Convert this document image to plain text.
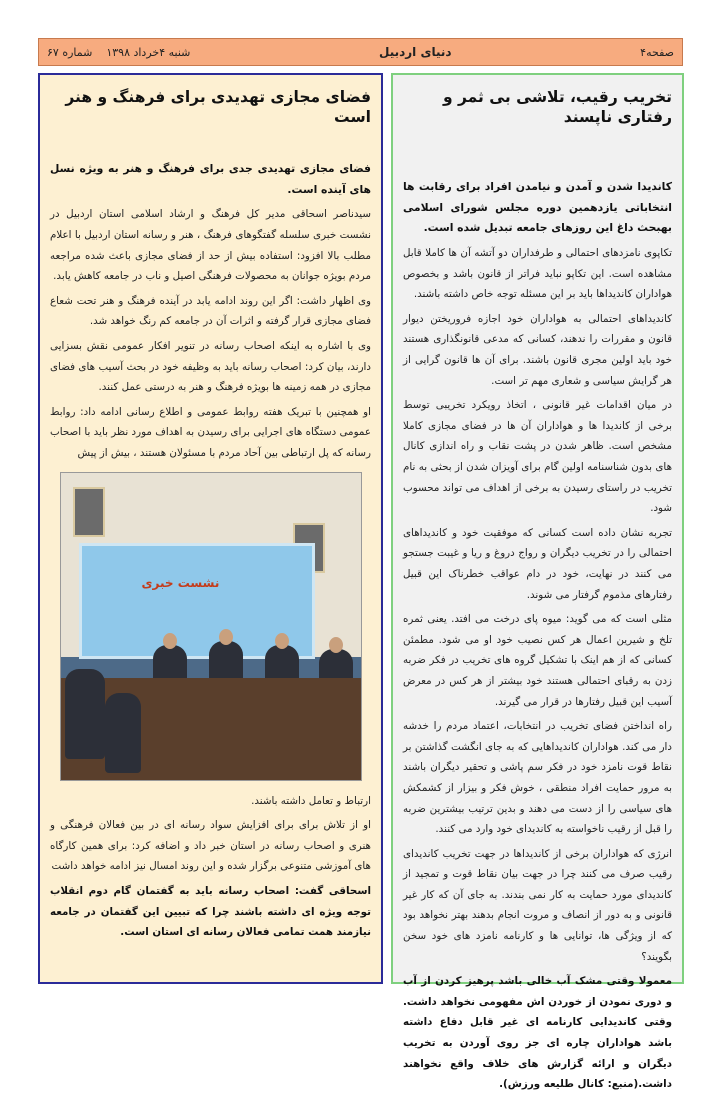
صفحه۴
دنیای اردبیل
شنبه ۴خرداد ۱۳۹۸
شماره ۶۷
تخریب رقیب، تلاشی بی ثمر و رفتاری ناپسند

کاندیدا شدن و آمدن و نیامدن افراد برای رقابت ها انتخاباتی یازدهمین دوره مجلس شورای اسلامی بهبحث داغ این روزهای جامعه تبدیل شده است.

تکاپوی نامزدهای احتمالی و طرفداران دو آتشه آن ها کاملا قابل مشاهده است. این تکاپو نباید فراتر از قانون باشد و بخصوص هواداران کاندیداها باید بر این مسئله توجه خاص داشته باشند.

کاندیداهای احتمالی به هواداران خود اجازه فروریختن دیوار قانون و مقررات را ندهند، کسانی که مدعی قانونگذاری هستند خود باید اولین مجری قانون باشند. برای آن ها قانون گرایی از هر گرایش سیاسی و شعاری مهم تر است.

در میان اقدامات غیر قانونی ، اتخاذ رویکرد تخریبی توسط برخی از کاندیدا ها و هواداران آن ها در فضای مجازی کاملا مشخص است. ظاهر شدن در پشت نقاب و راه اندازی کانال های بدون شناسنامه اولین گام برای آویزان شدن از بحثی به نام تخریب در راستای رسیدن به برخی از اهداف می تواند محسوب شود.

تجربه نشان داده است کسانی که موفقیت خود و کاندیداهای احتمالی را در تخریب دیگران و رواج دروغ و ریا و غیبت جستجو می کنند در نهایت، خود در دام عواقب خطرناک این قبیل رفتارهای مذموم گرفتار می شوند.

مثلی است که می گوید: میوه پای درخت می افتد. یعنی ثمره تلخ و شیرین اعمال هر کس نصیب خود او می شود. مطمئن کسانی که از هم اینک با تشکیل گروه های تخریب در فکر ضربه زدن به رقبای احتمالی هستند خود بیشتر از هر کس در معرض آسیب این قبیل رفتارها در قرار می گیرند.

راه انداختن فضای تخریب در انتخابات، اعتماد مردم را خدشه دار می کند. هواداران کاندیداهایی که به جای انگشت گذاشتن بر نقاط قوت نامزد خود در فکر سم پاشی و تحقیر دیگران باشند به مرور حمایت افراد منطقی ، خوش فکر و بیزار از کشمکش های سیاسی را از دست می دهند و بدین ترتیب بیشترین ضربه را قبل از رقیب ناخواسته به کاندیدای خود وارد می کنند.

انرژی که هواداران برخی از کاندیداها در جهت تخریب کاندیدای رقیب صرف می کنند چرا در جهت بیان نقاط قوت و تمجید از کاندیدای مورد حمایت به کار نمی بندند. به جای آن که کار غیر قانونی و به دور از انصاف و مروت انجام بدهند بهتر نخواهد بود که از ویژگی ها، توانایی ها و کارنامه نامزد های خود سخن بگویند؟

معمولا وقتی مشک آب خالی باشد پرهیز کردن از آب و دوری نمودن از خوردن اش مفهومی نخواهد داشت. وقتی کاندیدایی کارنامه ای غیر قابل دفاع داشته باشد هواداران چاره ای جز روی آوردن به تخریب دیگران و ارائه گزارش های خلاف واقع نخواهند داشت.(منبع: کانال طلیعه ورزش).

فضای مجازی تهدیدی برای فرهنگ و هنر است

فضای مجازی تهدیدی جدی برای فرهنگ و هنر به ویژه نسل های آینده است.

سیدناصر اسحاقی مدیر کل فرهنگ و ارشاد اسلامی استان اردبیل در نشست خبری سلسله گفتگوهای فرهنگ ، هنر و رسانه استان اردبیل با اعلام مطلب بالا افزود: استفاده بیش از حد از فضای مجازی باعث شده مراجعه مردم بویژه جوانان به محصولات فرهنگی اصیل و ناب در جامعه کاهش یابد.

وی اظهار داشت: اگر این روند ادامه یابد در آینده فرهنگ و هنر تحت شعاع فضای مجازی قرار گرفته و اثرات آن در جامعه کم رنگ خواهد شد.

وی با اشاره به اینکه اصحاب رسانه در تنویر افکار عمومی نقش بسزایی دارند، بیان کرد: اصحاب رسانه باید به وظیفه خود در بحث آسیب های فضای مجازی در همه زمینه ها بویژه فرهنگ و هنر به درستی عمل کنند.

او همچنین با تبریک هفته روابط عمومی و اطلاع رسانی ادامه داد: روابط عمومی دستگاه های اجرایی برای رسیدن به اهداف مورد نظر باید با اصحاب رسانه که پل ارتباطی بین آحاد مردم با مسئولان هستند ، بیش از پیش

نشست خبری

ارتباط و تعامل داشته باشند.

او از تلاش برای برای افزایش سواد رسانه ای در بین فعالان فرهنگی و هنری و اصحاب رسانه در استان خبر داد و اضافه کرد: برای همین کارگاه های آموزشی متنوعی برگزار شده و این روند امسال نیز ادامه خواهد داشت

اسحاقی گفت: اصحاب رسانه باید به گفتمان گام دوم انقلاب توجه ویژه ای داشته باشند چرا که تبیین این گفتمان در جامعه نیازمند همت تمامی فعالان رسانه ای استان است.
